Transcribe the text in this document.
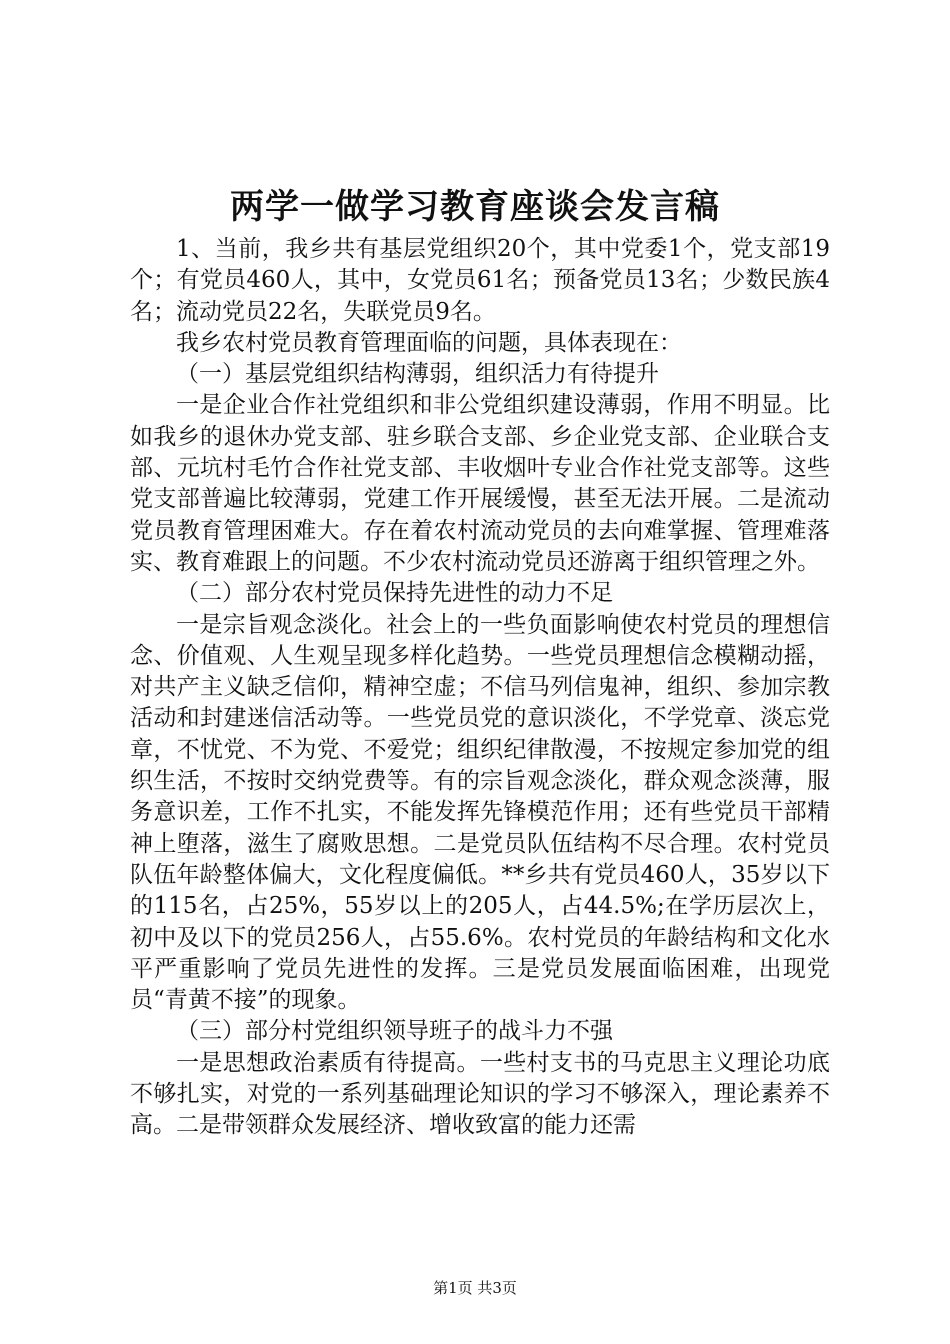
两学一做学习教育座谈会发言稿

1、当前，我乡共有基层党组织20个，其中党委1个，党支部19个；有党员460人，其中，女党员61名；预备党员13名；少数民族4名；流动党员22名，失联党员9名。

我乡农村党员教育管理面临的问题，具体表现在：

（一）基层党组织结构薄弱，组织活力有待提升

一是企业合作社党组织和非公党组织建设薄弱，作用不明显。比如我乡的退休办党支部、驻乡联合支部、乡企业党支部、企业联合支部、元坑村毛竹合作社党支部、丰收烟叶专业合作社党支部等。这些党支部普遍比较薄弱，党建工作开展缓慢，甚至无法开展。二是流动党员教育管理困难大。存在着农村流动党员的去向难掌握、管理难落实、教育难跟上的问题。不少农村流动党员还游离于组织管理之外。

（二）部分农村党员保持先进性的动力不足

一是宗旨观念淡化。社会上的一些负面影响使农村党员的理想信念、价值观、人生观呈现多样化趋势。一些党员理想信念模糊动摇，对共产主义缺乏信仰，精神空虚；不信马列信鬼神，组织、参加宗教活动和封建迷信活动等。一些党员党的意识淡化，不学党章、淡忘党章，不忧党、不为党、不爱党；组织纪律散漫，不按规定参加党的组织生活，不按时交纳党费等。有的宗旨观念淡化，群众观念淡薄，服务意识差，工作不扎实，不能发挥先锋模范作用；还有些党员干部精神上堕落，滋生了腐败思想。二是党员队伍结构不尽合理。农村党员队伍年龄整体偏大，文化程度偏低。**乡共有党员460人，35岁以下的115名，占25%，55岁以上的205人，占44.5%;在学历层次上，初中及以下的党员256人，占55.6%。农村党员的年龄结构和文化水平严重影响了党员先进性的发挥。三是党员发展面临困难，出现党员“青黄不接”的现象。

（三）部分村党组织领导班子的战斗力不强

一是思想政治素质有待提高。一些村支书的马克思主义理论功底不够扎实，对党的一系列基础理论知识的学习不够深入，理论素养不高。二是带领群众发展经济、增收致富的能力还需

第1页 共3页
